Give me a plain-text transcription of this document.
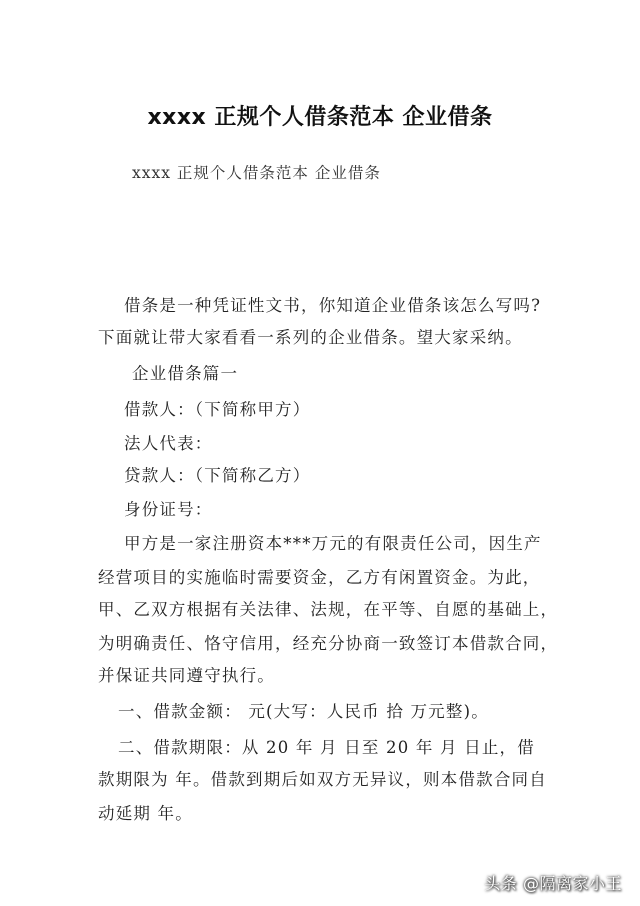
xxxx 正规个人借条范本 企业借条
xxxx 正规个人借条范本 企业借条
借条是一种凭证性文书，你知道企业借条该怎么写吗?
下面就让带大家看看一系列的企业借条。望大家采纳。
企业借条篇一
借款人：（下简称甲方）
法人代表：
贷款人：（下简称乙方）
身份证号：
甲方是一家注册资本***万元的有限责任公司，因生产
经营项目的实施临时需要资金，乙方有闲置资金。为此，
甲、乙双方根据有关法律、法规，在平等、自愿的基础上，
为明确责任、恪守信用，经充分协商一致签订本借款合同，
并保证共同遵守执行。
一、借款金额： 元(大写：人民币 拾 万元整)。
二、借款期限：从 20 年 月 日至 20 年 月 日止，借
款期限为 年。借款到期后如双方无异议，则本借款合同自
动延期 年。
头条 @隔离家小王
